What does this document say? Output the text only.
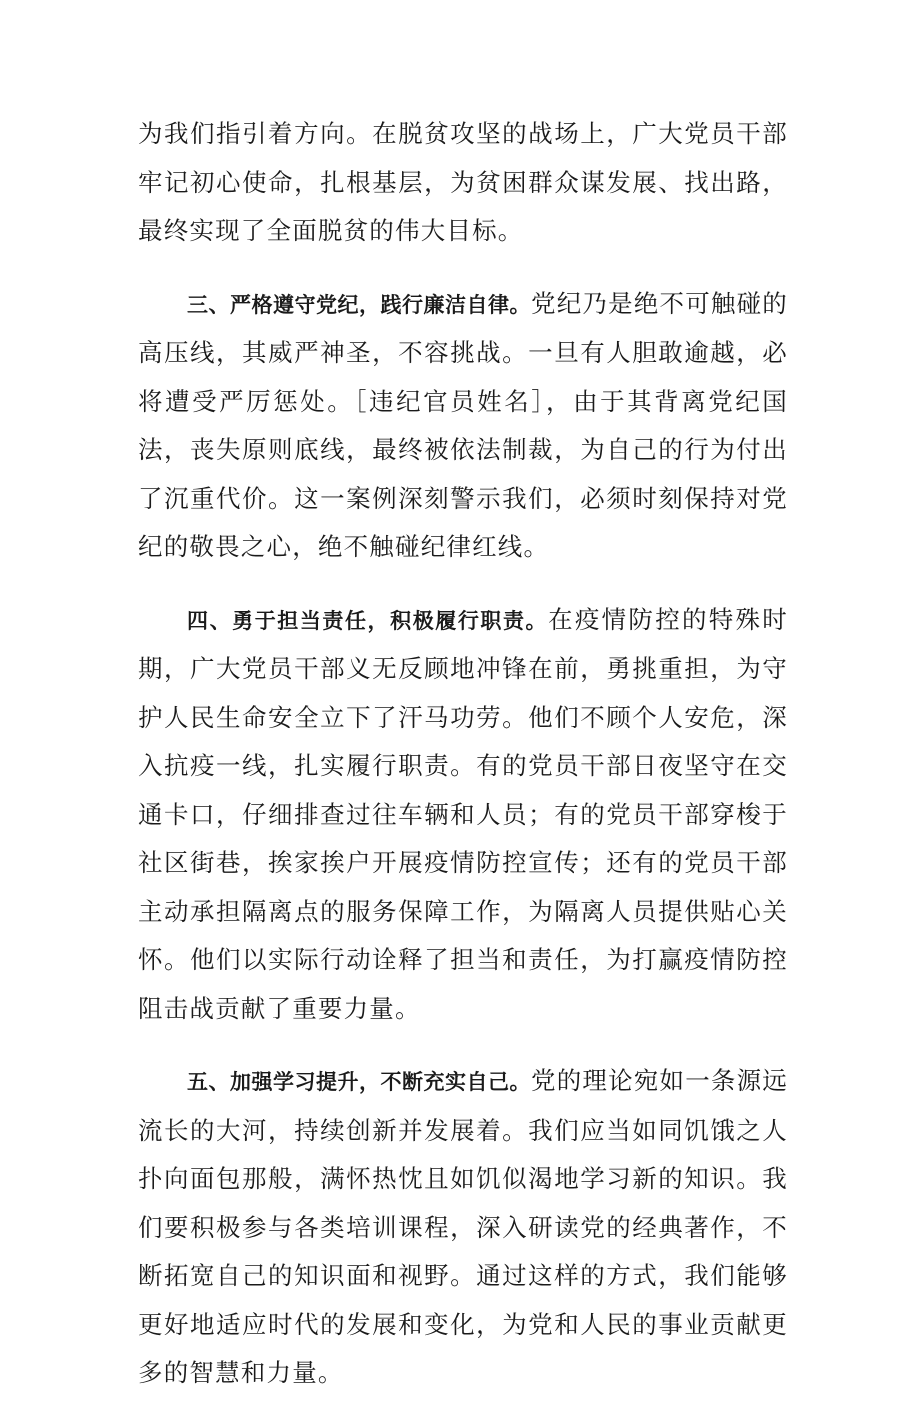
为我们指引着方向。在脱贫攻坚的战场上，广大党员干部牢记初心使命，扎根基层，为贫困群众谋发展、找出路，最终实现了全面脱贫的伟大目标。

三、严格遵守党纪，践行廉洁自律。党纪乃是绝不可触碰的高压线，其威严神圣，不容挑战。一旦有人胆敢逾越，必将遭受严厉惩处。［违纪官员姓名］，由于其背离党纪国法，丧失原则底线，最终被依法制裁，为自己的行为付出了沉重代价。这一案例深刻警示我们，必须时刻保持对党纪的敬畏之心，绝不触碰纪律红线。

四、勇于担当责任，积极履行职责。在疫情防控的特殊时期，广大党员干部义无反顾地冲锋在前，勇挑重担，为守护人民生命安全立下了汗马功劳。他们不顾个人安危，深入抗疫一线，扎实履行职责。有的党员干部日夜坚守在交通卡口，仔细排查过往车辆和人员；有的党员干部穿梭于社区街巷，挨家挨户开展疫情防控宣传；还有的党员干部主动承担隔离点的服务保障工作，为隔离人员提供贴心关怀。他们以实际行动诠释了担当和责任，为打赢疫情防控阻击战贡献了重要力量。

五、加强学习提升，不断充实自己。党的理论宛如一条源远流长的大河，持续创新并发展着。我们应当如同饥饿之人扑向面包那般，满怀热忱且如饥似渴地学习新的知识。我们要积极参与各类培训课程，深入研读党的经典著作，不断拓宽自己的知识面和视野。通过这样的方式，我们能够更好地适应时代的发展和变化，为党和人民的事业贡献更多的智慧和力量。
